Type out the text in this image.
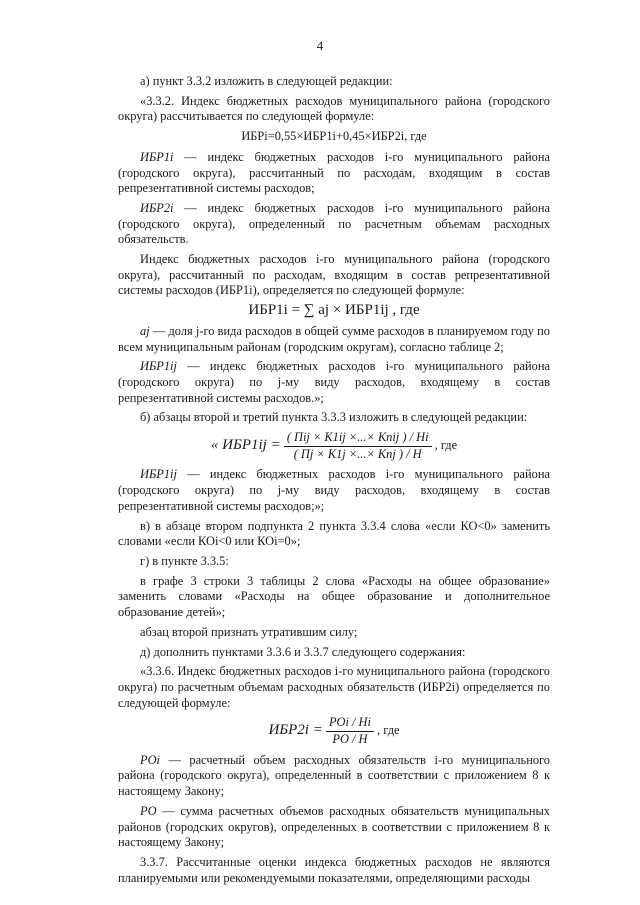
4

а) пункт 3.3.2 изложить в следующей редакции:

«3.3.2. Индекс бюджетных расходов муниципального района (городского округа) рассчитывается по следующей формуле:

ИБРi=0,55×ИБР1i+0,45×ИБР2i, где

ИБР1i — индекс бюджетных расходов i-го муниципального района (городского округа), рассчитанный по расходам, входящим в состав репрезентативной системы расходов;

ИБР2i — индекс бюджетных расходов i-го муниципального района (городского округа), определенный по расчетным объемам расходных обязательств.

Индекс бюджетных расходов i-го муниципального района (городского округа), рассчитанный по расходам, входящим в состав репрезентативной системы расходов (ИБР1i), определяется по следующей формуле:

ИБР1i = ∑ aj × ИБР1ij , где

aj — доля j-го вида расходов в общей сумме расходов в планируемом году по всем муниципальным районам (городским округам), согласно таблице 2;

ИБР1ij — индекс бюджетных расходов i-го муниципального района (городского округа) по j-му виду расходов, входящему в состав репрезентативной системы расходов.»;

б) абзацы второй и третий пункта 3.3.3 изложить в следующей редакции:

« $ИБР1ij = \frac{\text{( Пij × К1ij ×...× Кnij ) / Нi}}{\text{( Пj × К1j ×...× Кnj ) / Н}}$ , где

ИБР1ij — индекс бюджетных расходов i-го муниципального района (городского округа) по j-му виду расходов, входящему в состав репрезентативной системы расходов;»;

в) в абзаце втором подпункта 2 пункта 3.3.4 слова «если КО<0» заменить словами «если КОi<0 или КОi=0»;

г) в пункте 3.3.5:

в графе 3 строки 3 таблицы 2 слова «Расходы на общее образование» заменить словами «Расходы на общее образование и дополнительное образование детей»;

абзац второй признать утратившим силу;

д) дополнить пунктами 3.3.6 и 3.3.7 следующего содержания:

«3.3.6. Индекс бюджетных расходов i-го муниципального района (городского округа) по расчетным объемам расходных обязательств (ИБР2i) определяется по следующей формуле:

$ИБР2i = \frac{\text{POi / Нi}}{PO / Н}$ , где

POi — расчетный объем расходных обязательств i-го муниципального района (городского округа), определенный в соответствии с приложением 8 к настоящему Закону;

PO — сумма расчетных объемов расходных обязательств муниципальных районов (городских округов), определенных в соответствии с приложением 8 к настоящему Закону;

3.3.7. Рассчитанные оценки индекса бюджетных расходов не являются планируемыми или рекомендуемыми показателями, определяющими расходы
